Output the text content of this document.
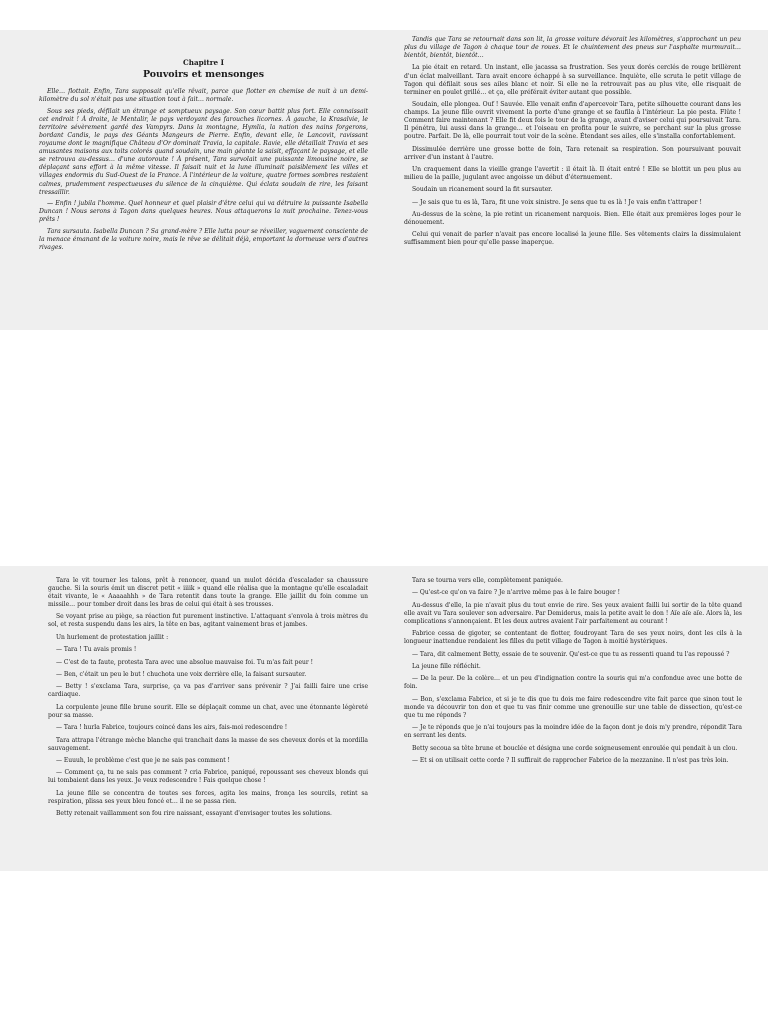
Chapitre I
Pouvoirs et mensonges

Elle… flottait. Enfin, Tara supposait qu'elle rêvait, parce que flotter en chemise de nuit à un demi-kilomètre du sol n'était pas une situation tout à fait… normale.

Sous ses pieds, défilait un étrange et somptueux paysage. Son cœur battit plus fort. Elle connaissait cet endroit ! À droite, le Mentalir, le pays verdoyant des farouches licornes. À gauche, la Krasalvie, le territoire sévèrement gardé des Vampyrs. Dans la montagne, Hymlia, la nation des nains forgerons, bordant Candis, le pays des Géants Mangeurs de Pierre. Enfin, devant elle, le Lancovit, ravissant royaume dont le magnifique Château d'Or dominait Travia, la capitale. Ravie, elle détaillait Travia et ses amusantes maisons aux toits colorés quand soudain, une main géante la saisit, effaçant le paysage, et elle se retrouva au-dessus… d'une autoroute ! À présent, Tara survolait une puissante limousine noire, se déplaçant sans effort à la même vitesse. Il faisait nuit et la lune illuminait paisiblement les villes et villages endormis du Sud-Ouest de la France. À l'intérieur de la voiture, quatre formes sombres restaient calmes, prudemment respectueuses du silence de la cinquième. Qui éclata soudain de rire, les faisant tressaillir.

— Enfin ! jubila l'homme. Quel honneur et quel plaisir d'être celui qui va détruire la puissante Isabella Duncan ! Nous serons à Tagon dans quelques heures. Nous attaquerons la nuit prochaine. Tenez-vous prêts !

Tara sursauta. Isabella Duncan ? Sa grand-mère ? Elle lutta pour se réveiller, vaguement consciente de la menace émanant de la voiture noire, mais le rêve se délitait déjà, emportant la dormeuse vers d'autres rivages.

Tandis que Tara se retournait dans son lit, la grosse voiture dévorait les kilomètres, s'approchant un peu plus du village de Tagon à chaque tour de roues. Et le chuintement des pneus sur l'asphalte murmurait… bientôt, bientôt, bientôt…

La pie était en retard. Un instant, elle jacassa sa frustration. Ses yeux dorés cerclés de rouge brillèrent d'un éclat malveillant. Tara avait encore échappé à sa surveillance. Inquiète, elle scruta le petit village de Tagon qui défilait sous ses ailes blanc et noir. Si elle ne la retrouvait pas au plus vite, elle risquait de terminer en poulet grillé… et ça, elle préférait éviter autant que possible.

Soudain, elle plongea. Ouf ! Sauvée. Elle venait enfin d'apercevoir Tara, petite silhouette courant dans les champs. La jeune fille ouvrit vivement la porte d'une grange et se faufila à l'intérieur. La pie pesta. Flûte ! Comment faire maintenant ? Elle fit deux fois le tour de la grange, avant d'aviser celui qui poursuivait Tara. Il pénétra, lui aussi dans la grange… et l'oiseau en profita pour le suivre, se perchant sur la plus grosse poutre. Parfait. De là, elle pourrait tout voir de la scène. Étendant ses ailes, elle s'installa confortablement.

Dissimulée derrière une grosse botte de foin, Tara retenait sa respiration. Son poursuivant pouvait arriver d'un instant à l'autre.

Un craquement dans la vieille grange l'avertit : il était là. Il était entré ! Elle se blottit un peu plus au milieu de la paille, jugulant avec angoisse un début d'éternuement.

Soudain un ricanement sourd la fit sursauter.

— Je sais que tu es là, Tara, fit une voix sinistre. Je sens que tu es là ! Je vais enfin t'attraper !

Au-dessus de la scène, la pie retint un ricanement narquois. Bien. Elle était aux premières loges pour le dénouement.

Celui qui venait de parler n'avait pas encore localisé la jeune fille. Ses vêtements clairs la dissimulaient suffisamment bien pour qu'elle passe inaperçue.

Tara le vit tourner les talons, prêt à renoncer, quand un mulot décida d'escalader sa chaussure gauche. Si la souris émit un discret petit « iiiik » quand elle réalisa que la montagne qu'elle escaladait était vivante, le « Aaaaahhh » de Tara retentit dans toute la grange. Elle jaillit du foin comme un missile… pour tomber droit dans les bras de celui qui était à ses trousses.

Se voyant prise au piège, sa réaction fut purement instinctive. L'attaquant s'envola à trois mètres du sol, et resta suspendu dans les airs, la tête en bas, agitant vainement bras et jambes.

Un hurlement de protestation jaillit :

— Tara ! Tu avais promis !

— C'est de ta faute, protesta Tara avec une absolue mauvaise foi. Tu m'as fait peur !

— Ben, c'était un peu le but ! chuchota une voix derrière elle, la faisant sursauter.

— Betty ! s'exclama Tara, surprise, ça va pas d'arriver sans prévenir ? J'ai failli faire une crise cardiaque.

La corpulente jeune fille brune sourit. Elle se déplaçait comme un chat, avec une étonnante légèreté pour sa masse.

— Tara ! hurla Fabrice, toujours coincé dans les airs, fais-moi redescendre !

Tara attrapa l'étrange mèche blanche qui tranchait dans la masse de ses cheveux dorés et la mordilla sauvagement.

— Euuuh, le problème c'est que je ne sais pas comment !

— Comment ça, tu ne sais pas comment ? cria Fabrice, paniqué, repoussant ses cheveux blonds qui lui tombaient dans les yeux. Je veux redescendre ! Fais quelque chose !

La jeune fille se concentra de toutes ses forces, agita les mains, fronça les sourcils, retint sa respiration, plissa ses yeux bleu foncé et… il ne se passa rien.

Betty retenait vaillamment son fou rire naissant, essayant d'envisager toutes les solutions.

Tara se tourna vers elle, complètement paniquée.

— Qu'est-ce qu'on va faire ? Je n'arrive même pas à le faire bouger !

Au-dessus d'elle, la pie n'avait plus du tout envie de rire. Ses yeux avaient failli lui sortir de la tête quand elle avait vu Tara soulever son adversaire. Par Demiderus, mais la petite avait le don ! Aïe aïe aïe. Alors là, les complications s'annonçaient. Et les deux autres avaient l'air parfaitement au courant !

Fabrice cessa de gigoter, se contentant de flotter, foudroyant Tara de ses yeux noirs, dont les cils à la longueur inattendue rendaient les filles du petit village de Tagon à moitié hystériques.

— Tara, dit calmement Betty, essaie de te souvenir. Qu'est-ce que tu as ressenti quand tu l'as repoussé ?

La jeune fille réfléchit.

— De la peur. De la colère… et un peu d'indignation contre la souris qui m'a confondue avec une botte de foin.

— Bon, s'exclama Fabrice, et si je te dis que tu dois me faire redescendre vite fait parce que sinon tout le monde va découvrir ton don et que tu vas finir comme une grenouille sur une table de dissection, qu'est-ce que tu me réponds ?

— Je te réponds que je n'ai toujours pas la moindre idée de la façon dont je dois m'y prendre, répondit Tara en serrant les dents.

Betty secoua sa tête brune et bouclée et désigna une corde soigneusement enroulée qui pendait à un clou.

— Et si on utilisait cette corde ? Il suffirait de rapprocher Fabrice de la mezzanine. Il n'est pas très loin.
